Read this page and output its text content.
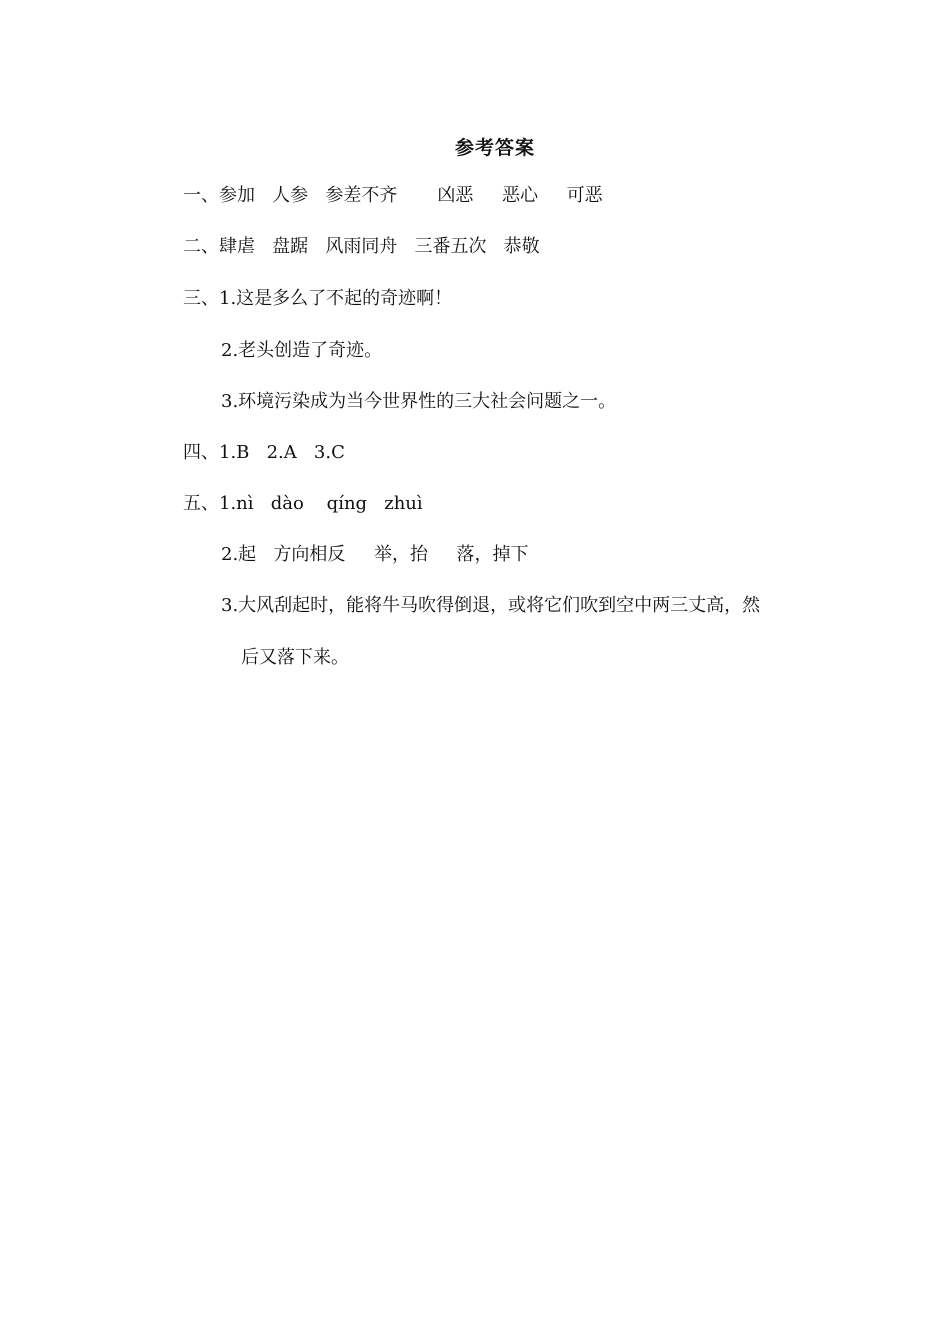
参考答案
一、参加   人参   参差不齐       凶恶     恶心     可恶
二、肆虐   盘踞   风雨同舟   三番五次   恭敬
三、1.这是多么了不起的奇迹啊！
2.老头创造了奇迹。
3.环境污染成为当今世界性的三大社会问题之一。
四、1.B   2.A   3.C
五、1.nì   dào    qíng   zhuì
2.起   方向相反     举，抬     落，掉下
3.大风刮起时，能将牛马吹得倒退，或将它们吹到空中两三丈高，然
后又落下来。
